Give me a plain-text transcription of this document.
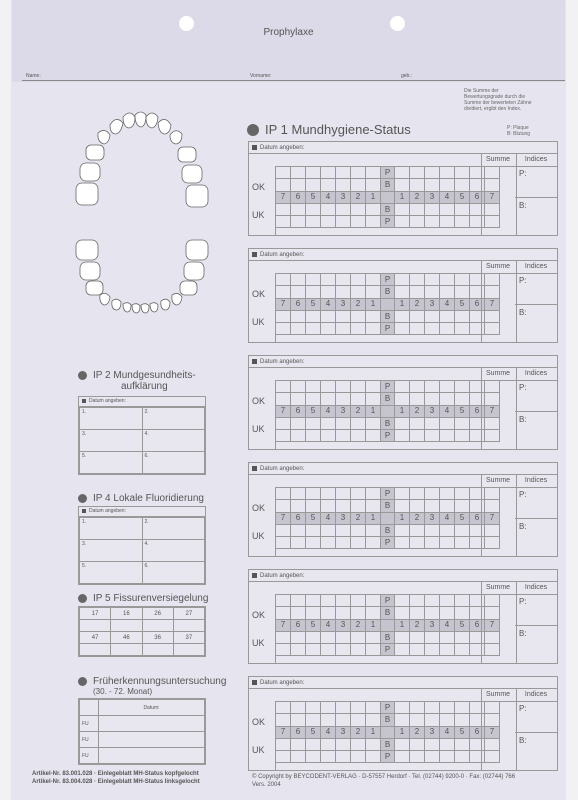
Prophylaxe
Name:	Vorname:	geb.:
Die Summe der
Bewertungsgrade durch die
Summe der bewerteten Zähne
dividiert, ergibt den Index.
P: Plaque
B: Blutung
IP 1 Mundhygiene-Status
Datum angeben:
OK
UK
							P							
							B							
7	6	5	4	3	2	1		1	2	3	4	5	6	7
							B							
							P							
Summe	Indices
P:
B:
Datum angeben:
OK
UK
							P							
							B							
7	6	5	4	3	2	1		1	2	3	4	5	6	7
							B							
							P							
Summe	Indices
P:
B:
Datum angeben:
OK
UK
							P							
							B							
7	6	5	4	3	2	1		1	2	3	4	5	6	7
							B							
							P							
Summe	Indices
P:
B:
Datum angeben:
OK
UK
							P							
							B							
7	6	5	4	3	2	1		1	2	3	4	5	6	7
							B							
							P							
Summe	Indices
P:
B:
Datum angeben:
OK
UK
							P							
							B							
7	6	5	4	3	2	1		1	2	3	4	5	6	7
							B							
							P							
Summe	Indices
P:
B:
Datum angeben:
OK
UK
							P							
							B							
7	6	5	4	3	2	1		1	2	3	4	5	6	7
							B							
							P							
Summe	Indices
P:
B:
IP 2 Mundgesundheits-
aufklärung
Datum angeben:
1.	2.
3.	4.
5.	6.
IP 4 Lokale Fluoridierung
Datum angeben:
1.	2.
3.	4.
5.	6.
IP 5 Fissurenversiegelung
17	16	26	27

47	46	36	37

Früherkennungsuntersuchung
(30. - 72. Monat)
	Datum:
FU	
FU	
FU	
Artikel-Nr. 83.001.028 · Einlegeblatt MH-Status kopfgelocht
Artikel-Nr. 83.004.028 · Einlegeblatt MH-Status linksgelocht
© Copyright by BEYCODENT-VERLAG · D-57557 Herdorf · Tel. (02744) 9200-0 · Fax: (02744) 766
Vers. 2004
